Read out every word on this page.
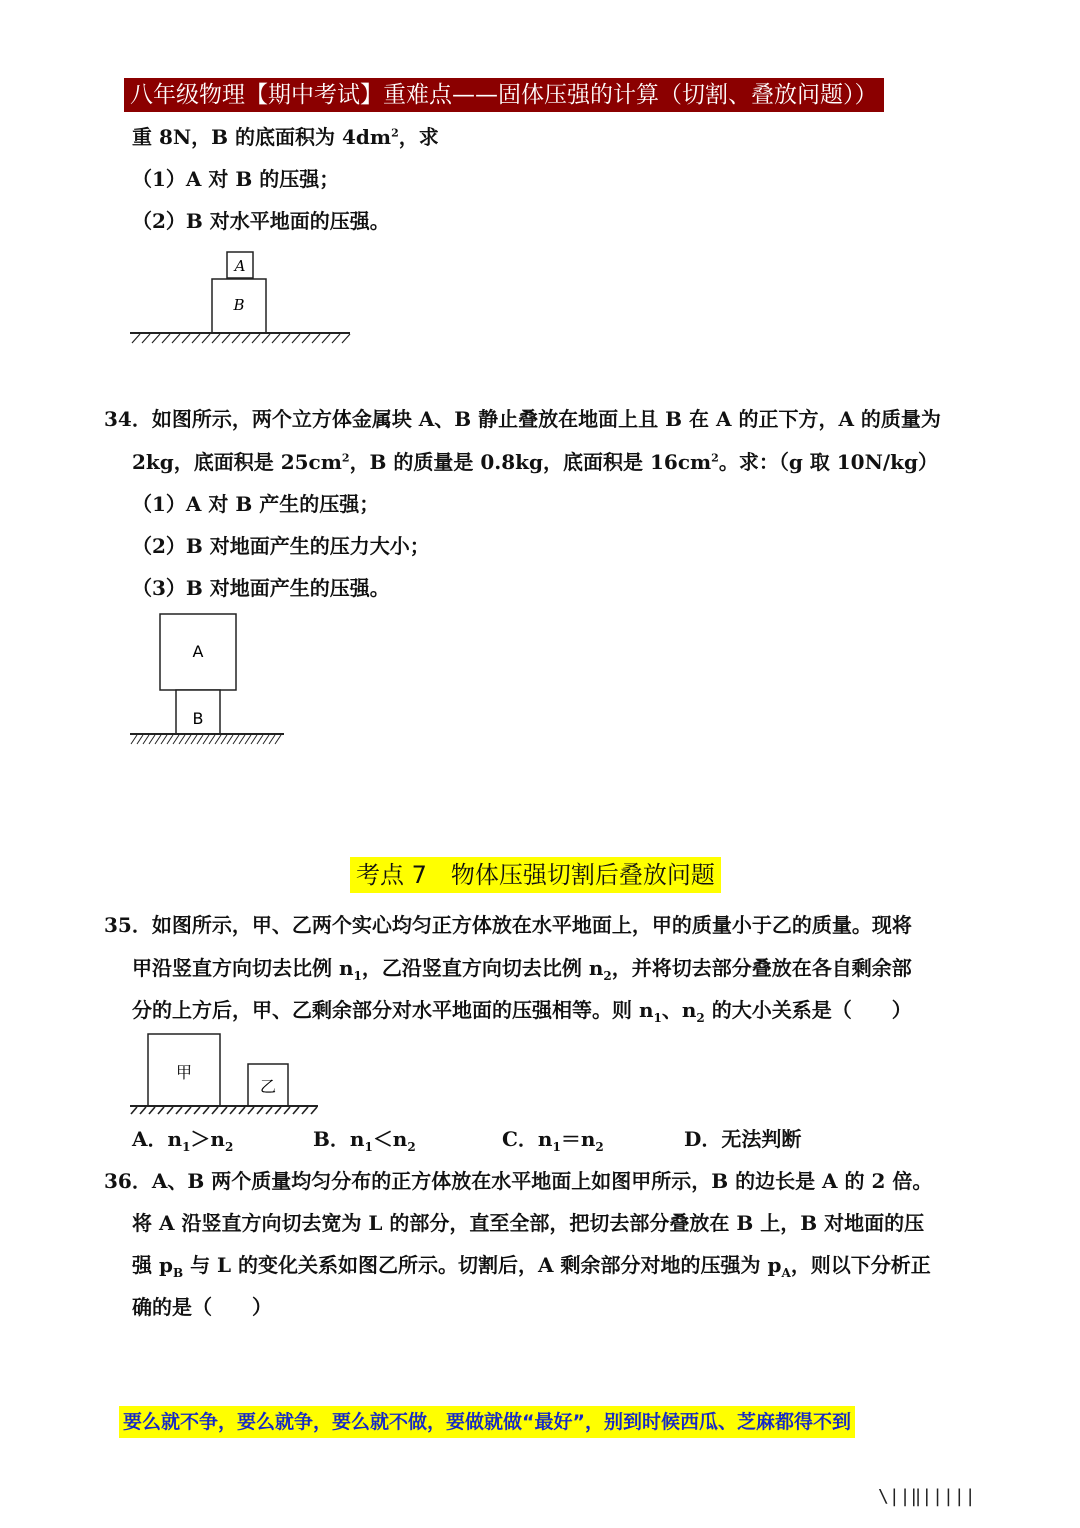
八年级物理【期中考试】重难点——固体压强的计算（切割、叠放问题））
重 8N，B 的底面积为 $4dm^2$，求
（1）A 对 B 的压强；
（2）B 对水平地面的压强。
A
B
34．如图所示，两个立方体金属块 A、B 静止叠放在地面上且 B 在 A 的正下方，A 的质量为
2kg，底面积是 $25cm^2$，B 的质量是 0.8kg，底面积是 $16cm^2$。求：（g 取 10N/kg）
（1）A 对 B 产生的压强；
（2）B 对地面产生的压力大小；
（3）B 对地面产生的压强。
A
B
考点 7　物体压强切割后叠放问题
35．如图所示，甲、乙两个实心均匀正方体放在水平地面上，甲的质量小于乙的质量。现将
甲沿竖直方向切去比例 $n_1$，乙沿竖直方向切去比例 $n_2$，并将切去部分叠放在各自剩余部
分的上方后，甲、乙剩余部分对水平地面的压强相等。则 $n_1$、$n_2$ 的大小关系是（　　）
甲
乙
A．$n_1>n_2$	B．$n_1<n_2$	C．$n_1=n_2$	D．无法判断
36．A、B 两个质量均匀分布的正方体放在水平地面上如图甲所示，B 的边长是 A 的 2 倍。
将 A 沿竖直方向切去宽为 L 的部分，直至全部，把切去部分叠放在 B 上，B 对地面的压
强 $p_B$ 与 L 的变化关系如图乙所示。切割后，A 剩余部分对地的压强为 $p_A$，则以下分析正
确的是（　　）
要么就不争，要么就争，要么就不做，要做就做“最好”，别到时候西瓜、芝麻都得不到
\||‖|||||
